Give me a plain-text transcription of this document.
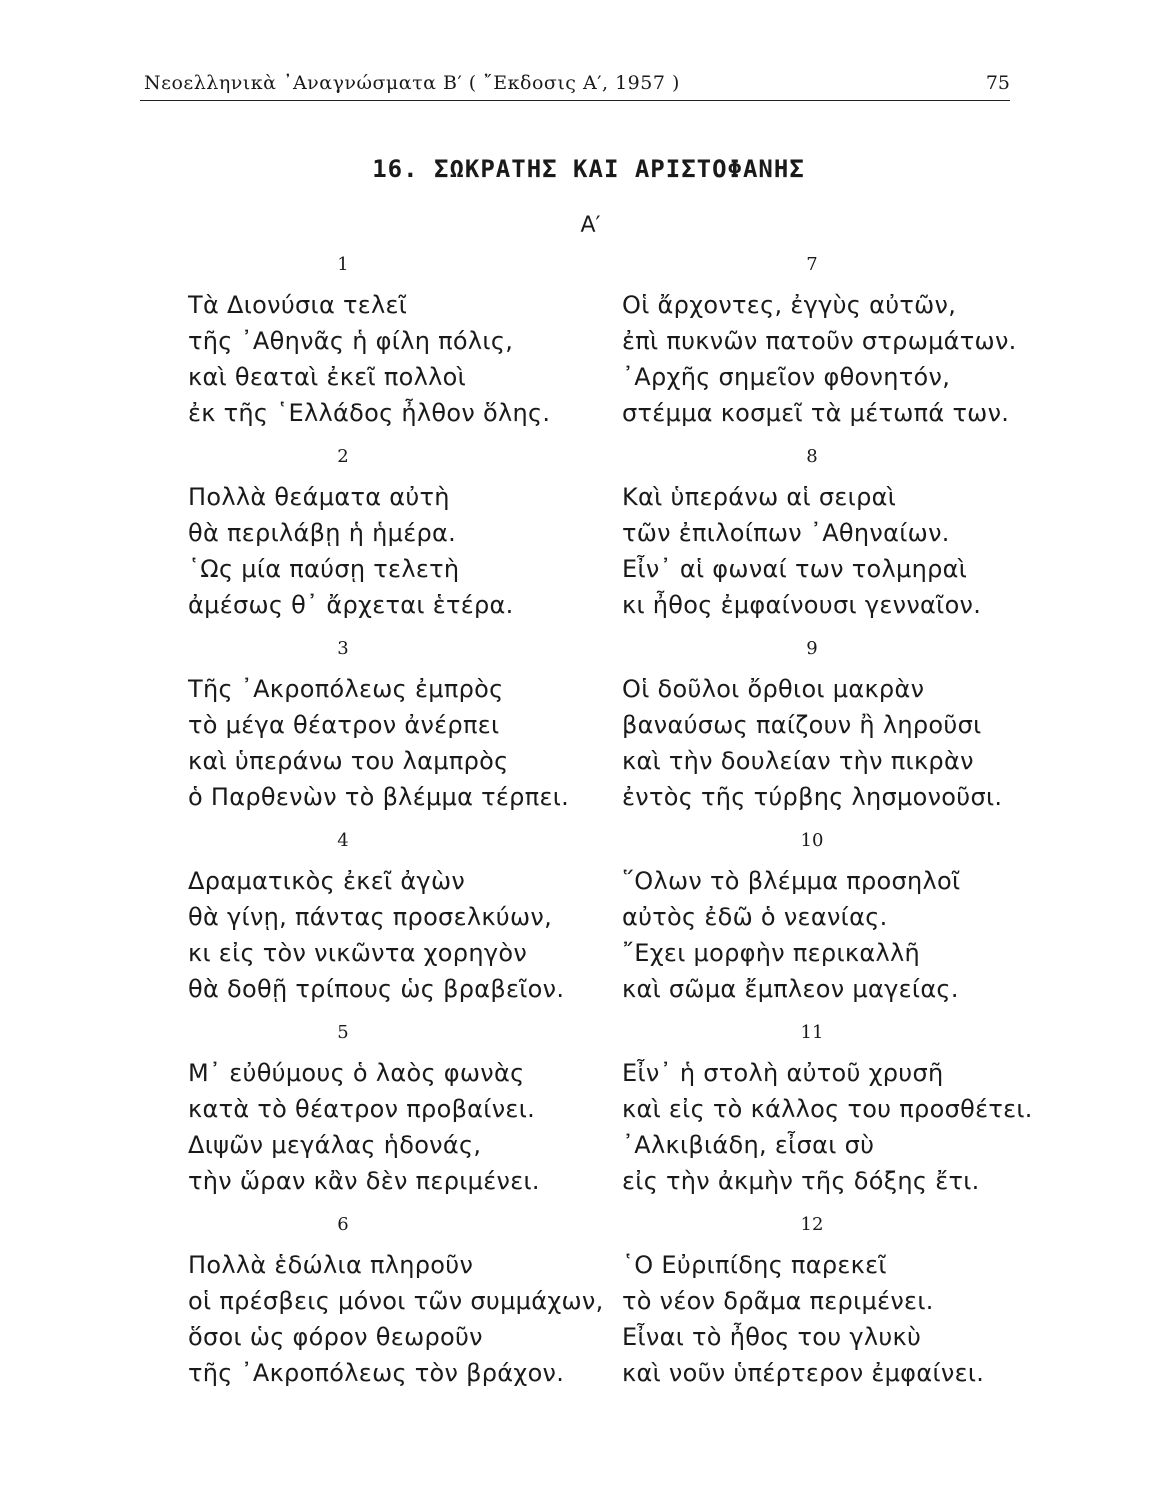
Νεοελληνικὰ ᾿Αναγνώσματα Β′ ( ῎Εκδοσις Α′, 1957 )	75
16. ΣΩΚΡΑΤΗΣ ΚΑΙ ΑΡΙΣΤΟΦΑΝΗΣ
Α′
1
Τὰ Διονύσια τελεῖ
τῆς ᾿Αθηνᾶς ἡ φίλη πόλις,
καὶ θεαταὶ ἐκεῖ πολλοὶ
ἐκ τῆς ῾Ελλάδος ἦλθον ὅλης.
2
Πολλὰ θεάματα αὐτὴ
θὰ περιλάβῃ ἡ ἡμέρα.
῾Ως μία παύσῃ τελετὴ
ἀμέσως θ᾿ ἄρχεται ἑτέρα.
3
Τῆς ᾿Ακροπόλεως ἐμπρὸς
τὸ μέγα θέατρον ἀνέρπει
καὶ ὑπεράνω του λαμπρὸς
ὁ Παρθενὼν τὸ βλέμμα τέρπει.
4
Δραματικὸς ἐκεῖ ἀγὼν
θὰ γίνῃ, πάντας προσελκύων,
κι εἰς τὸν νικῶντα χορηγὸν
θὰ δοθῇ τρίπους ὡς βραβεῖον.
5
Μ᾿ εὐθύμους ὁ λαὸς φωνὰς
κατὰ τὸ θέατρον προβαίνει.
Διψῶν μεγάλας ἡδονάς,
τὴν ὥραν κἂν δὲν περιμένει.
6
Πολλὰ ἑδώλια πληροῦν
οἱ πρέσβεις μόνοι τῶν συμμάχων,
ὅσοι ὡς φόρον θεωροῦν
τῆς ᾿Ακροπόλεως τὸν βράχον.
7
Οἱ ἄρχοντες, ἐγγὺς αὐτῶν,
ἐπὶ πυκνῶν πατοῦν στρωμάτων.
᾿Αρχῆς σημεῖον φθονητόν,
στέμμα κοσμεῖ τὰ μέτωπά των.
8
Καὶ ὑπεράνω αἱ σειραὶ
τῶν ἐπιλοίπων ᾿Αθηναίων.
Εἶν᾿ αἱ φωναί των τολμηραὶ
κι ἦθος ἐμφαίνουσι γενναῖον.
9
Οἱ δοῦλοι ὄρθιοι μακρὰν
βαναύσως παίζουν ἢ ληροῦσι
καὶ τὴν δουλείαν τὴν πικρὰν
ἐντὸς τῆς τύρβης λησμονοῦσι.
10
῞Ολων τὸ βλέμμα προσηλοῖ
αὐτὸς ἐδῶ ὁ νεανίας.
῎Εχει μορφὴν περικαλλῆ
καὶ σῶμα ἔμπλεον μαγείας.
11
Εἶν᾿ ἡ στολὴ αὐτοῦ χρυσῆ
καὶ εἰς τὸ κάλλος του προσθέτει.
᾿Αλκιβιάδη, εἶσαι σὺ
εἰς τὴν ἀκμὴν τῆς δόξης ἔτι.
12
῾Ο Εὐριπίδης παρεκεῖ
τὸ νέον δρᾶμα περιμένει.
Εἶναι τὸ ἦθος του γλυκὺ
καὶ νοῦν ὑπέρτερον ἐμφαίνει.
